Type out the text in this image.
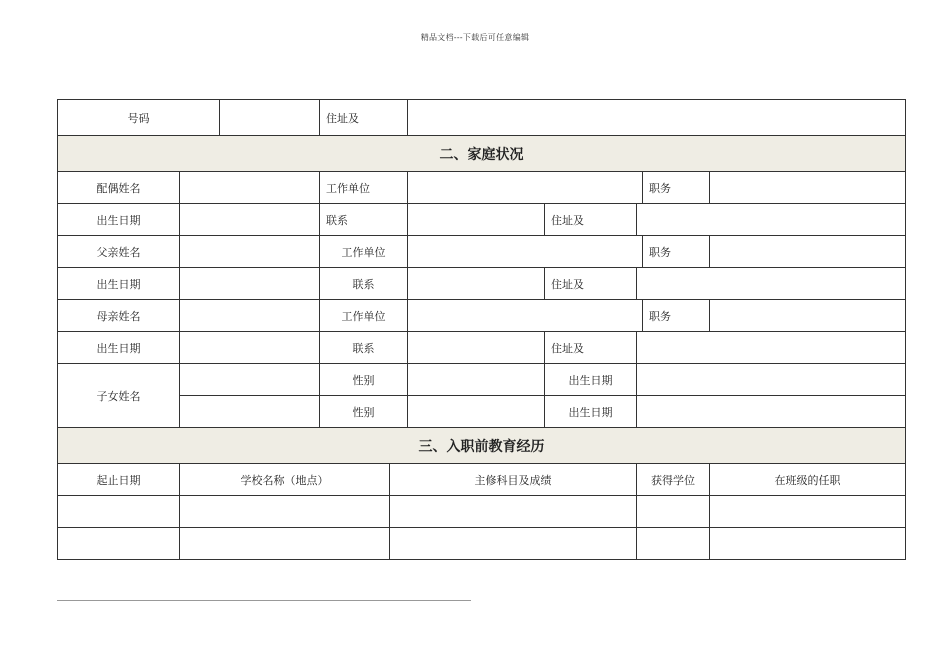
精品文档---下载后可任意编辑
号码			住址及						
二、家庭状况									
配偶姓名			工作单位					职务	
出生日期			联系			住址及			
父亲姓名			工作单位					职务	
出生日期			联系			住址及			
母亲姓名			工作单位					职务	
出生日期			联系			住址及			
子女姓名			性别			出生日期			
			性别			出生日期			
三、入职前教育经历									
起止日期	学校名称（地点）			主修科目及成绩			获得学位		在班级的任职
